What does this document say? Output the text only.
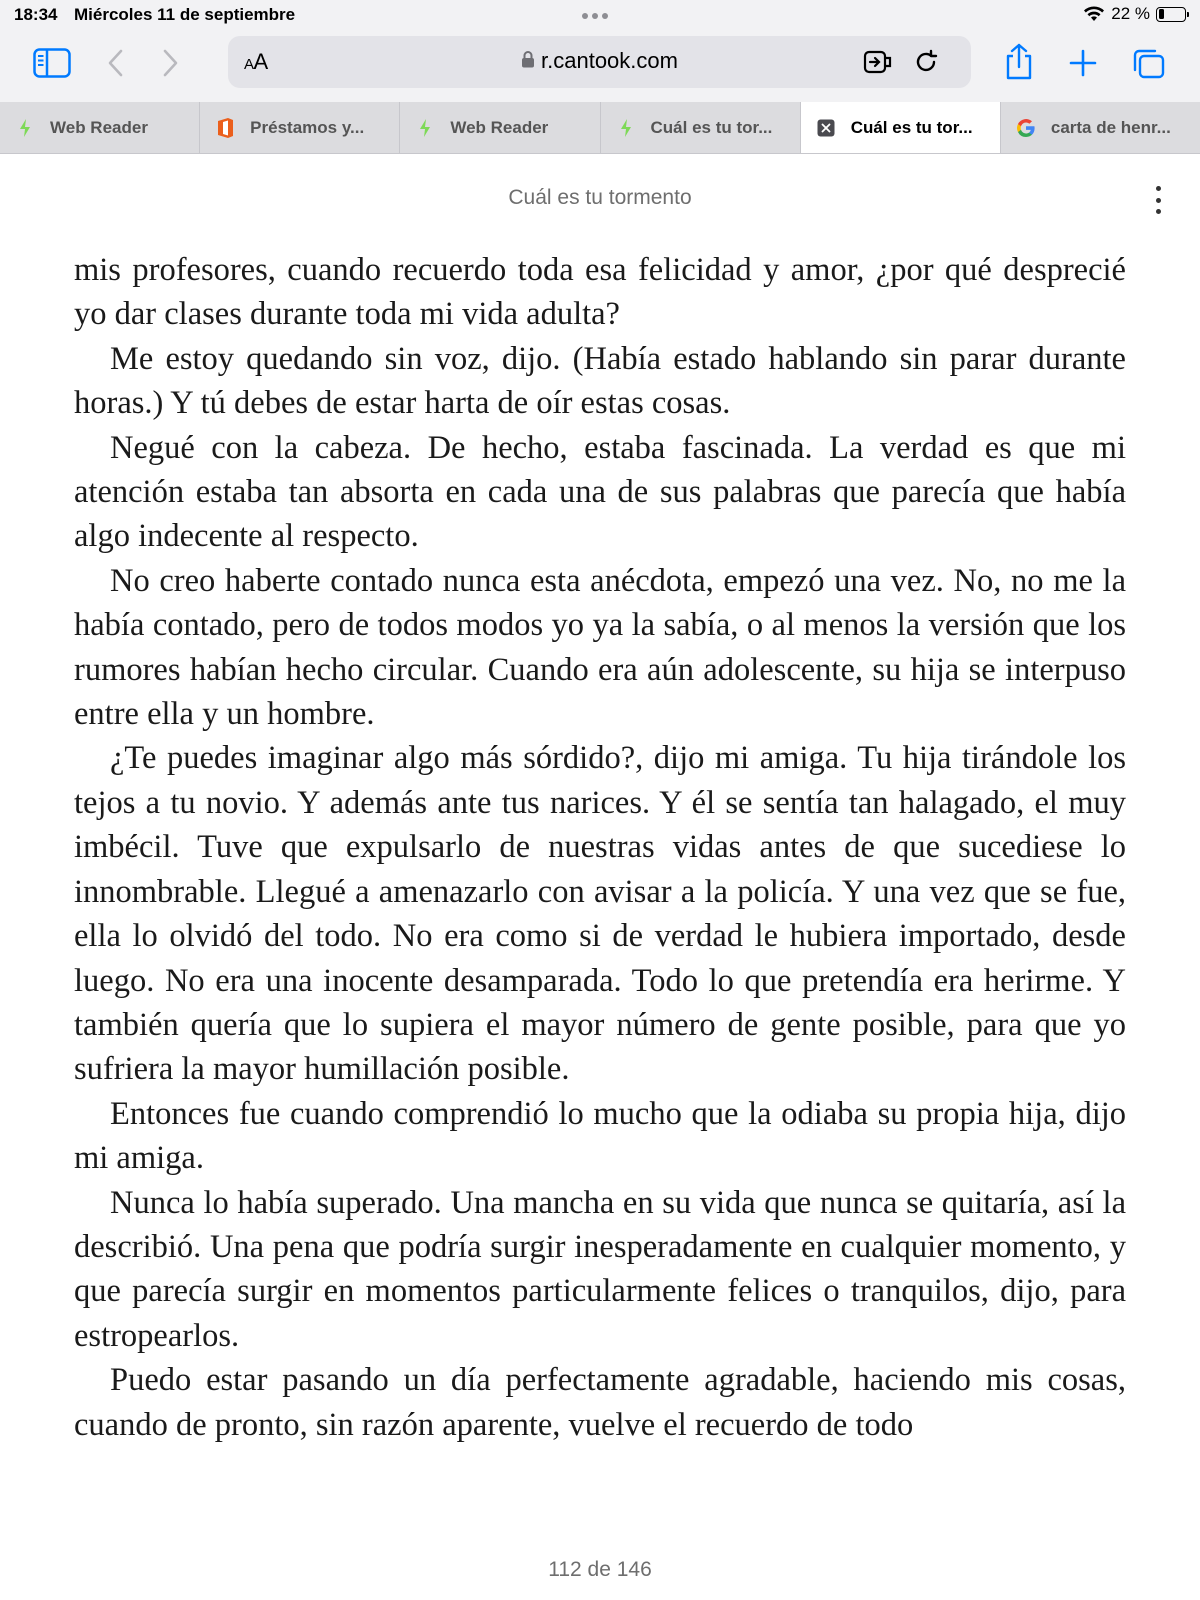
18:34 Miércoles 11 de septiembre	22 %
AA	r.cantook.com
Web Reader	Préstamos y...	Web Reader	Cuál es tu tor...	Cuál es tu tor...	carta de henr...
Cuál es tu tormento

mis profesores, cuando recuerdo toda esa felicidad y amor, ¿por qué desprecié yo dar clases durante toda mi vida adulta?

Me estoy quedando sin voz, dijo. (Había estado hablando sin parar durante horas.) Y tú debes de estar harta de oír estas cosas.

Negué con la cabeza. De hecho, estaba fascinada. La verdad es que mi atención estaba tan absorta en cada una de sus palabras que parecía que había algo indecente al respecto.

No creo haberte contado nunca esta anécdota, empezó una vez. No, no me la había contado, pero de todos modos yo ya la sabía, o al menos la versión que los rumores habían hecho circular. Cuando era aún adolescente, su hija se interpuso entre ella y un hombre.

¿Te puedes imaginar algo más sórdido?, dijo mi amiga. Tu hija tirándole los tejos a tu novio. Y además ante tus narices. Y él se sentía tan halagado, el muy imbécil. Tuve que expulsarlo de nuestras vidas antes de que sucediese lo innombrable. Llegué a amenazarlo con avisar a la policía. Y una vez que se fue, ella lo olvidó del todo. No era como si de verdad le hubiera importado, desde luego. No era una inocente desamparada. Todo lo que pretendía era herirme. Y también quería que lo supiera el mayor número de gente posible, para que yo sufriera la mayor humillación posible.

Entonces fue cuando comprendió lo mucho que la odiaba su propia hija, dijo mi amiga.

Nunca lo había superado. Una mancha en su vida que nunca se quitaría, así la describió. Una pena que podría surgir inesperadamente en cualquier momento, y que parecía surgir en momentos particularmente felices o tranquilos, dijo, para estropearlos.

Puedo estar pasando un día perfectamente agradable, haciendo mis cosas, cuando de pronto, sin razón aparente, vuelve el recuerdo de todo

112 de 146
